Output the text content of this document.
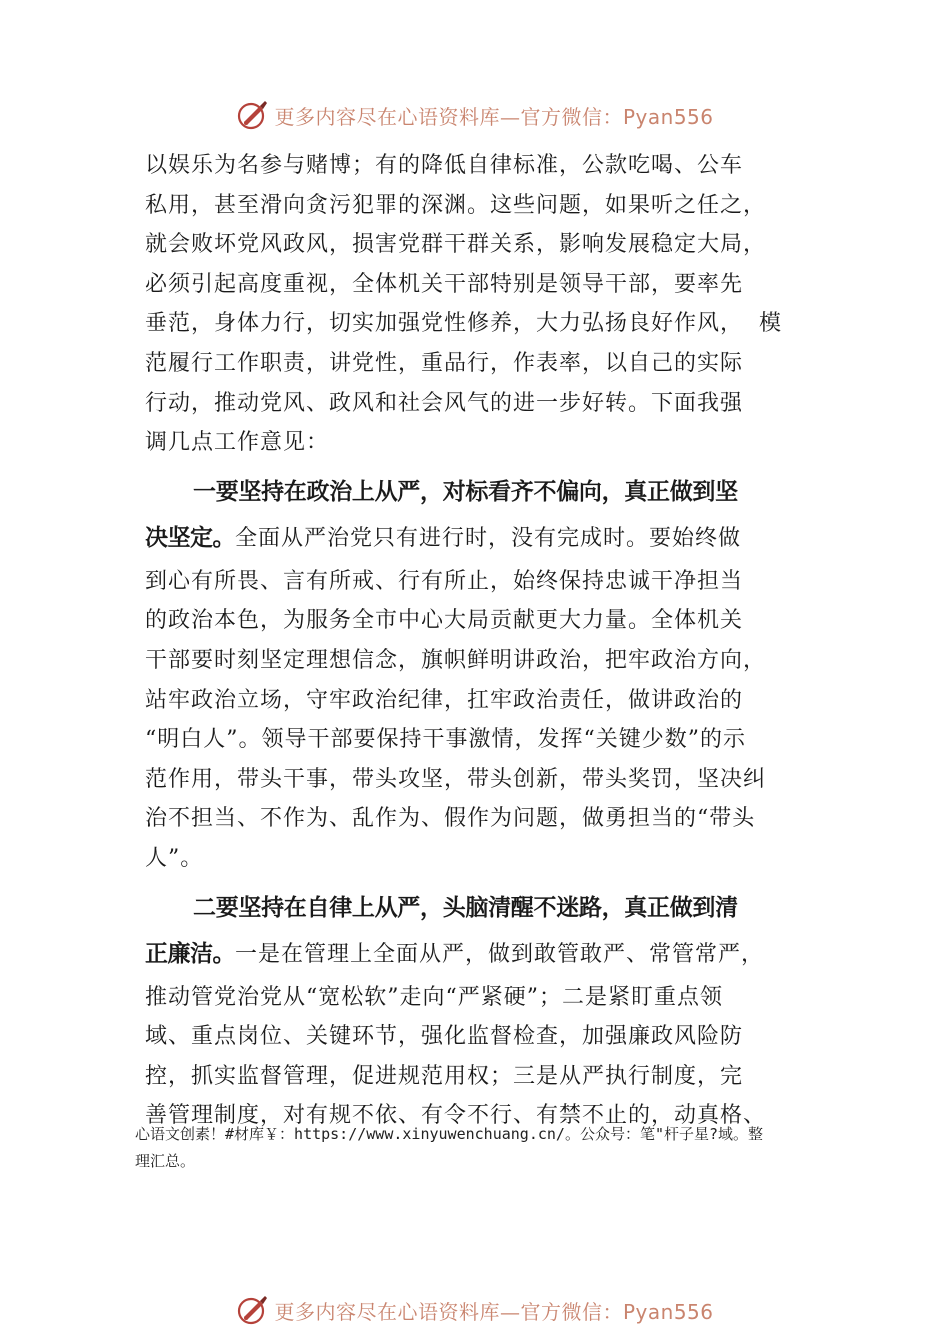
更多内容尽在心语资料库—官方微信：Pyan556

以娱乐为名参与赌博；有的降低自律标准，公款吃喝、公车

私用，甚至滑向贪污犯罪的深渊。这些问题，如果听之任之，

就会败坏党风政风，损害党群干群关系，影响发展稳定大局，

必须引起高度重视，全体机关干部特别是领导干部，要率先

垂范，身体力行，切实加强党性修养，大力弘扬良好作风，  模

范履行工作职责，讲党性，重品行，作表率，以自己的实际

行动，推动党风、政风和社会风气的进一步好转。下面我强

调几点工作意见：

一要坚持在政治上从严，对标看齐不偏向，真正做到坚

决坚定。全面从严治党只有进行时，没有完成时。要始终做

到心有所畏、言有所戒、行有所止，始终保持忠诚干净担当

的政治本色，为服务全市中心大局贡献更大力量。全体机关

干部要时刻坚定理想信念，旗帜鲜明讲政治，把牢政治方向，

站牢政治立场，守牢政治纪律，扛牢政治责任，做讲政治的

“明白人”。领导干部要保持干事激情，发挥“关键少数”的示

范作用，带头干事，带头攻坚，带头创新，带头奖罚，坚决纠

治不担当、不作为、乱作为、假作为问题，做勇担当的“带头

人”。

二要坚持在自律上从严，头脑清醒不迷路，真正做到清

正廉洁。一是在管理上全面从严，做到敢管敢严、常管常严，

推动管党治党从“宽松软”走向“严紧硬”；二是紧盯重点领

域、重点岗位、关键环节，强化监督检查，加强廉政风险防

控，抓实监督管理，促进规范用权；三是从严执行制度，完

善管理制度，对有规不依、有令不行、有禁不止的，动真格、

心语文创素！#材库￥：https://www.xinyuwenchuang.cn/。公众号：笔"杆子星?域。整
理汇总。
更多内容尽在心语资料库—官方微信：Pyan556
